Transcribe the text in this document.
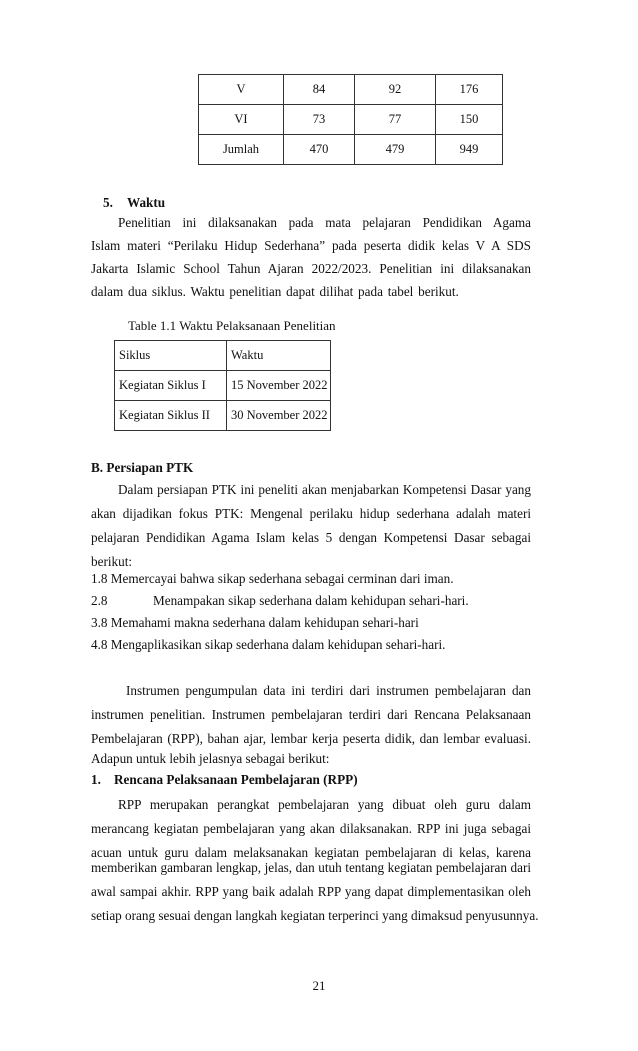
V	84	92	176
VI	73	77	150
Jumlah	470	479	949
5. Waktu
Penelitian ini dilaksanakan pada mata pelajaran Pendidikan Agama
Islam materi “Perilaku Hidup Sederhana” pada peserta didik kelas V A SDS
Jakarta Islamic School Tahun Ajaran 2022/2023. Penelitian ini dilaksanakan
dalam dua siklus. Waktu penelitian dapat dilihat pada tabel berikut.
Table 1.1 Waktu Pelaksanaan Penelitian
Siklus	Waktu
Kegiatan Siklus I	15 November 2022
Kegiatan Siklus II	30 November 2022
B. Persiapan PTK
Dalam persiapan PTK ini peneliti akan menjabarkan Kompetensi Dasar yang
akan dijadikan fokus PTK: Mengenal perilaku hidup sederhana adalah materi
pelajaran Pendidikan Agama Islam kelas 5 dengan Kompetensi Dasar sebagai
berikut:
1.8 Memercayai bahwa sikap sederhana sebagai cerminan dari iman.
2.8	Menampakan sikap sederhana dalam kehidupan sehari-hari.
3.8 Memahami makna sederhana dalam kehidupan sehari-hari
4.8 Mengaplikasikan sikap sederhana dalam kehidupan sehari-hari.
Instrumen pengumpulan data ini terdiri dari instrumen pembelajaran dan
instrumen penelitian. Instrumen pembelajaran terdiri dari Rencana Pelaksanaan
Pembelajaran (RPP), bahan ajar, lembar kerja peserta didik, dan lembar evaluasi.
Adapun untuk lebih jelasnya sebagai berikut:
1. Rencana Pelaksanaan Pembelajaran (RPP)
RPP merupakan perangkat pembelajaran yang dibuat oleh guru dalam
merancang kegiatan pembelajaran yang akan dilaksanakan. RPP ini juga sebagai
acuan untuk guru dalam melaksanakan kegiatan pembelajaran di kelas, karena
memberikan gambaran lengkap, jelas, dan utuh tentang kegiatan pembelajaran dari
awal sampai akhir. RPP yang baik adalah RPP yang dapat dimplementasikan oleh
setiap orang sesuai dengan langkah kegiatan terperinci yang dimaksud penyusunnya.
21
